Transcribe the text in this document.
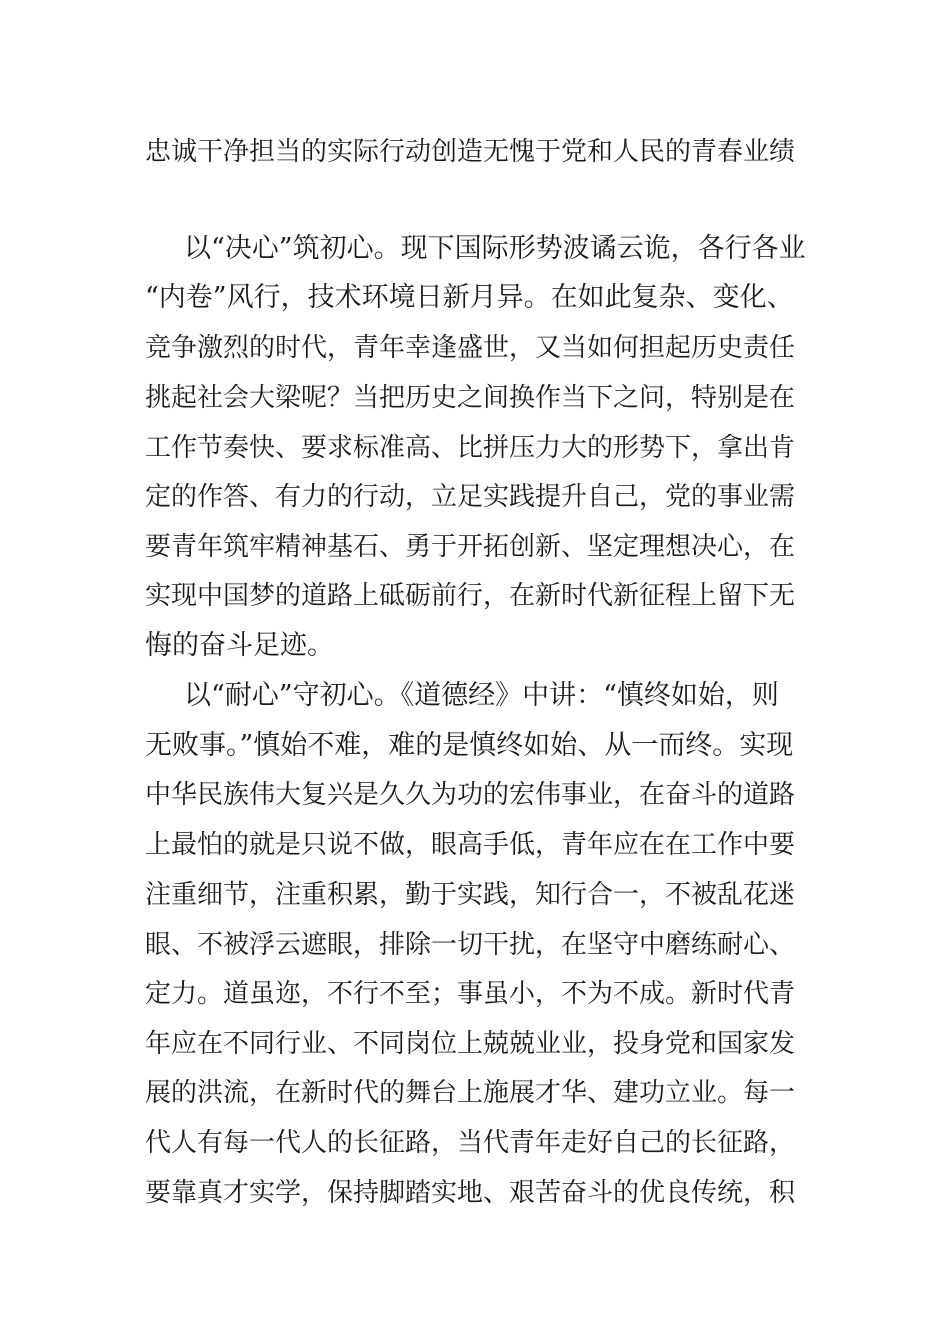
忠诚干净担当的实际行动创造无愧于党和人民的青春业绩
以“决心”筑初心。现下国际形势波谲云诡，各行各业
“内卷”风行，技术环境日新月异。在如此复杂、变化、
竞争激烈的时代，青年幸逢盛世，又当如何担起历史责任
挑起社会大梁呢？当把历史之间换作当下之问，特别是在
工作节奏快、要求标准高、比拼压力大的形势下，拿出肯
定的作答、有力的行动，立足实践提升自己，党的事业需
要青年筑牢精神基石、勇于开拓创新、坚定理想决心，在
实现中国梦的道路上砥砺前行，在新时代新征程上留下无
悔的奋斗足迹。
以“耐心”守初心。《道德经》中讲：“慎终如始，则
无败事。”慎始不难，难的是慎终如始、从一而终。实现
中华民族伟大复兴是久久为功的宏伟事业，在奋斗的道路
上最怕的就是只说不做，眼高手低，青年应在在工作中要
注重细节，注重积累，勤于实践，知行合一，不被乱花迷
眼、不被浮云遮眼，排除一切干扰，在坚守中磨练耐心、
定力。道虽迩，不行不至；事虽小，不为不成。新时代青
年应在不同行业、不同岗位上兢兢业业，投身党和国家发
展的洪流，在新时代的舞台上施展才华、建功立业。每一
代人有每一代人的长征路，当代青年走好自己的长征路，
要靠真才实学，保持脚踏实地、艰苦奋斗的优良传统，积
